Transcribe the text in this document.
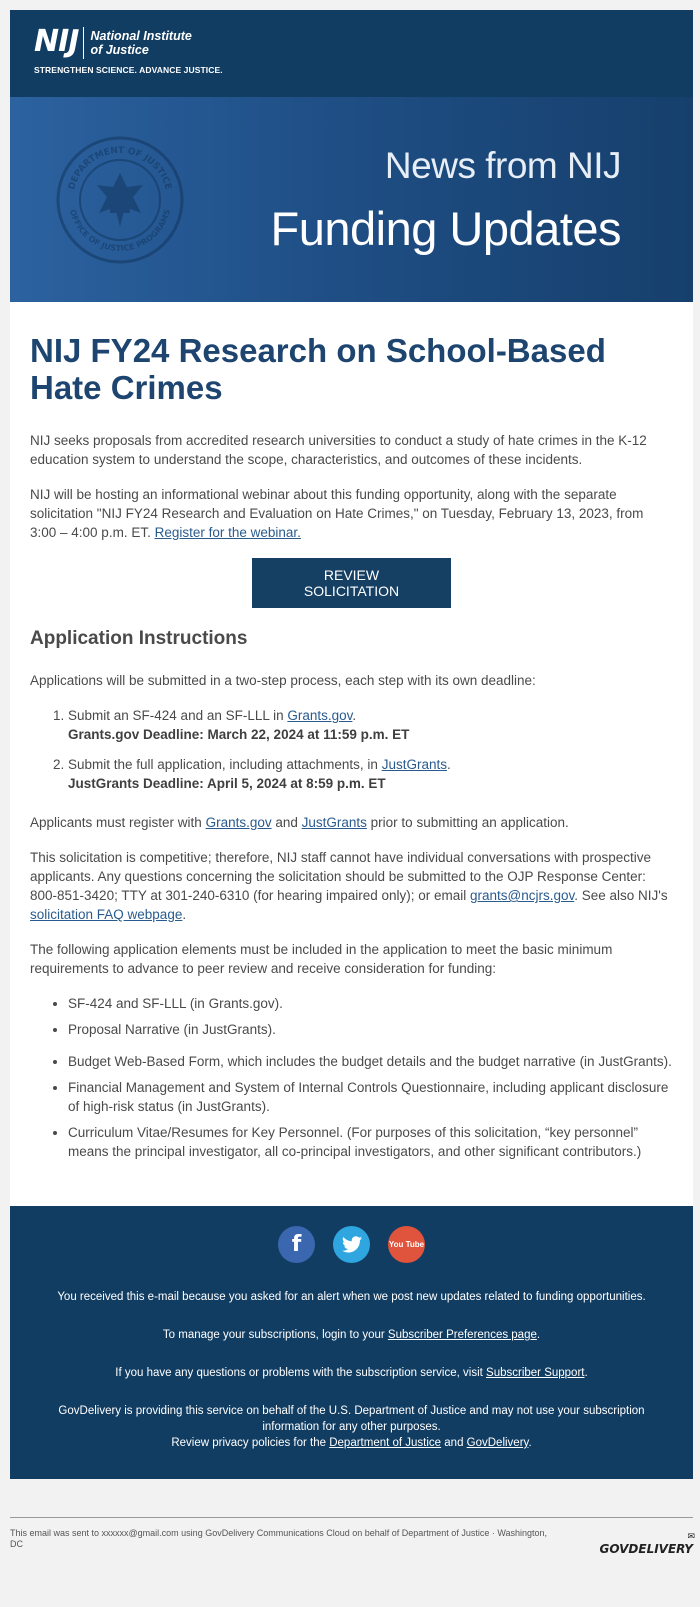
NIJ National Institute
of Justice
STRENGTHEN SCIENCE. ADVANCE JUSTICE.
DEPARTMENT OF JUSTICE
OFFICE OF JUSTICE PROGRAMS
News from NIJ
Funding Updates
NIJ FY24 Research on School-Based Hate Crimes

NIJ seeks proposals from accredited research universities to conduct a study of hate crimes in the K-12 education system to understand the scope, characteristics, and outcomes of these incidents.

NIJ will be hosting an informational webinar about this funding opportunity, along with the separate solicitation "NIJ FY24 Research and Evaluation on Hate Crimes," on Tuesday, February 13, 2023, from 3:00 – 4:00 p.m. ET. Register for the webinar.

REVIEW SOLICITATION
Application Instructions

Applications will be submitted in a two-step process, each step with its own deadline:

1. Submit an SF-424 and an SF-LLL in Grants.gov.
Grants.gov Deadline: March 22, 2024 at 11:59 p.m. ET
2. Submit the full application, including attachments, in JustGrants.
JustGrants Deadline: April 5, 2024 at 8:59 p.m. ET

Applicants must register with Grants.gov and JustGrants prior to submitting an application.

This solicitation is competitive; therefore, NIJ staff cannot have individual conversations with prospective applicants. Any questions concerning the solicitation should be submitted to the OJP Response Center: 800-851-3420; TTY at 301-240-6310 (for hearing impaired only); or email grants@ncjrs.gov. See also NIJ's solicitation FAQ webpage.

The following application elements must be included in the application to meet the basic minimum requirements to advance to peer review and receive consideration for funding:

• SF-424 and SF-LLL (in Grants.gov).
• Proposal Narrative (in JustGrants).
• Budget Web-Based Form, which includes the budget details and the budget narrative (in JustGrants).
• Financial Management and System of Internal Controls Questionnaire, including applicant disclosure of high-risk status (in JustGrants).
• Curriculum Vitae/Resumes for Key Personnel. (For purposes of this solicitation, “key personnel” means the principal investigator, all co-principal investigators, and other significant contributors.)
f	You Tube

You received this e-mail because you asked for an alert when we post new updates related to funding opportunities.

To manage your subscriptions, login to your Subscriber Preferences page.

If you have any questions or problems with the subscription service, visit Subscriber Support.

GovDelivery is providing this service on behalf of the U.S. Department of Justice and may not use your subscription information for any other purposes.
Review privacy policies for the Department of Justice and GovDelivery.

This email was sent to xxxxxx@gmail.com using GovDelivery Communications Cloud on behalf of Department of Justice · Washington, DC	GOVDELIVERY
✉
